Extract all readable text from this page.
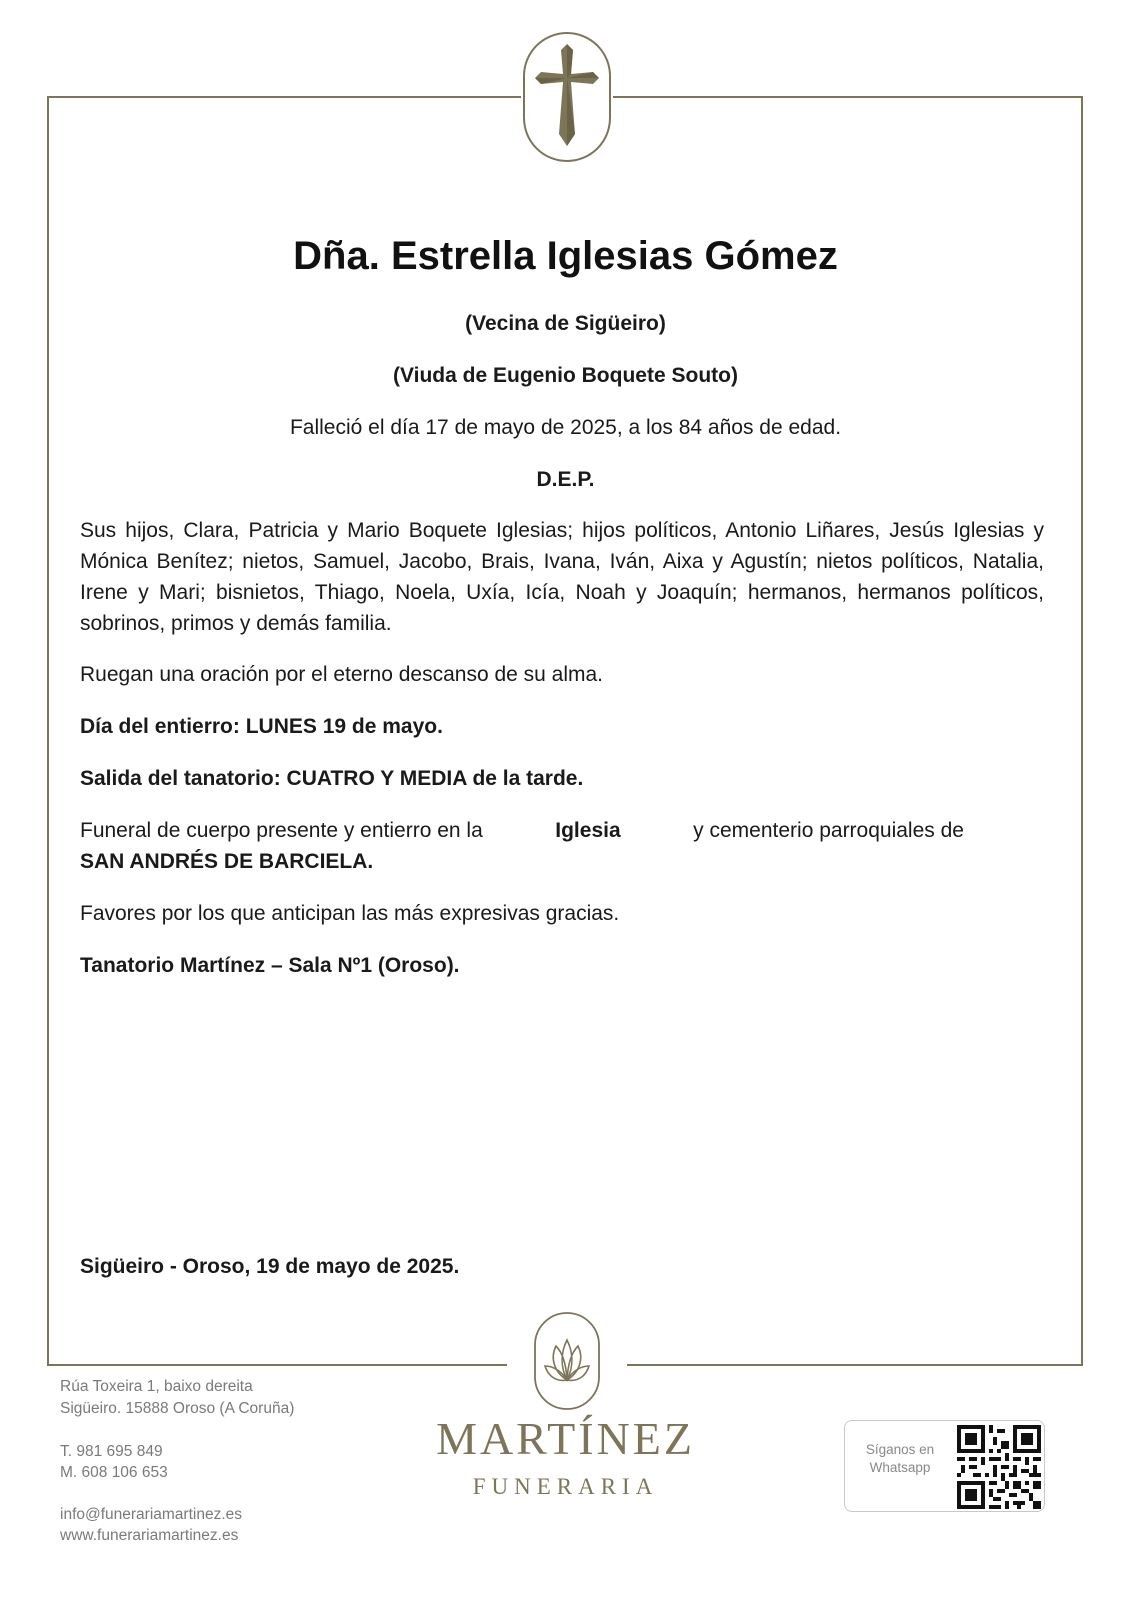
Dña. Estrella Iglesias Gómez

(Vecina de Sigüeiro)

(Viuda de Eugenio Boquete Souto)

Falleció el día 17 de mayo de 2025, a los 84 años de edad.

D.E.P.

Sus hijos, Clara, Patricia y Mario Boquete Iglesias; hijos políticos, Antonio Liñares, Jesús Iglesias y Mónica Benítez; nietos, Samuel, Jacobo, Brais, Ivana, Iván, Aixa y Agustín; nietos políticos, Natalia, Irene y Mari; bisnietos, Thiago, Noela, Uxía, Icía, Noah y Joaquín; hermanos, hermanos políticos, sobrinos, primos y demás familia.

Ruegan una oración por el eterno descanso de su alma.

Día del entierro: LUNES 19 de mayo.

Salida del tanatorio: CUATRO Y MEDIA de la tarde.

Funeral de cuerpo presente y entierro en la	Iglesia	y cementerio parroquiales de
SAN ANDRÉS DE BARCIELA.

Favores por los que anticipan las más expresivas gracias.

Tanatorio Martínez – Sala Nº1 (Oroso).

Sigüeiro - Oroso, 19 de mayo de 2025.

Rúa Toxeira 1, baixo dereita

Sigüeiro. 15888 Oroso (A Coruña)

T. 981 695 849

M. 608 106 653

info@funerariamartinez.es

www.funerariamartinez.es

MARTÍNEZ

FUNERARIA

Síganos en
Whatsapp
